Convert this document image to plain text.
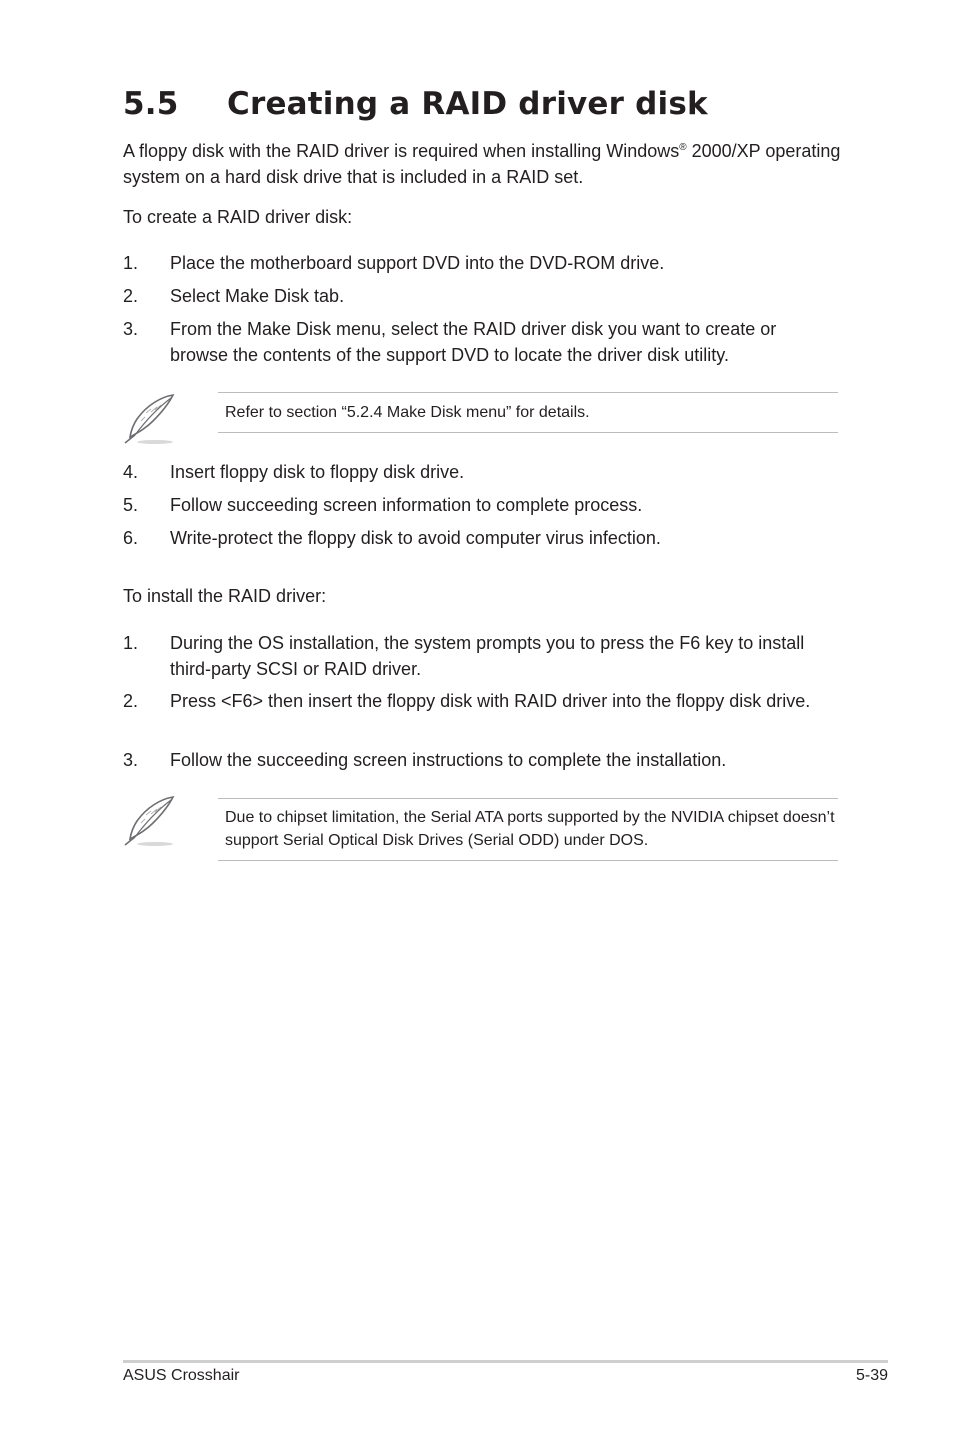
5.5 Creating a RAID driver disk
A floppy disk with the RAID driver is required when installing Windows® 2000/XP operating system on a hard disk drive that is included in a RAID set.
To create a RAID driver disk:
1. Place the motherboard support DVD into the DVD-ROM drive.
2. Select Make Disk tab.
3. From the Make Disk menu, select the RAID driver disk you want to create or browse the contents of the support DVD to locate the driver disk utility.
Refer to section “5.2.4 Make Disk menu” for details.
4. Insert floppy disk to floppy disk drive.
5. Follow succeeding screen information to complete process.
6. Write-protect the floppy disk to avoid computer virus infection.
To install the RAID driver:
1. During the OS installation, the system prompts you to press the F6 key to install third-party SCSI or RAID driver.
2. Press <F6> then insert the floppy disk with RAID driver into the floppy disk drive.
3. Follow the succeeding screen instructions to complete the installation.
Due to chipset limitation, the Serial ATA ports supported by the NVIDIA chipset doesn’t support Serial Optical Disk Drives (Serial ODD) under DOS.
ASUS Crosshair	5-39
